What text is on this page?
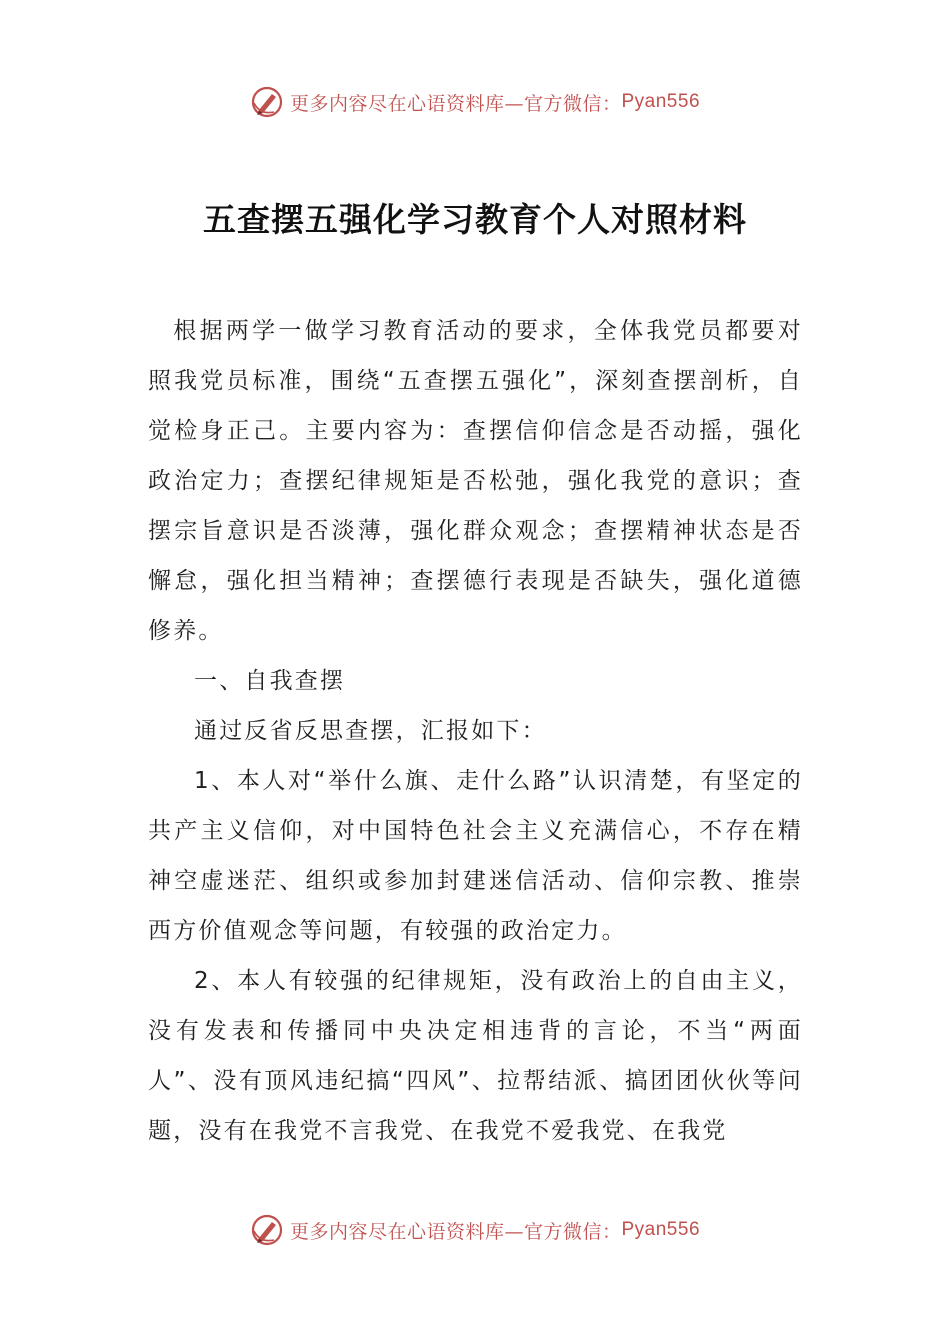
更多内容尽在心语资料库—官方微信： Pyan556
五查摆五强化学习教育个人对照材料

根据两学一做学习教育活动的要求，全体我党员都要对照我党员标准，围绕“五查摆五强化”，深刻查摆剖析，自觉检身正己。主要内容为：查摆信仰信念是否动摇，强化政治定力；查摆纪律规矩是否松弛，强化我党的意识；查摆宗旨意识是否淡薄，强化群众观念；查摆精神状态是否懈怠，强化担当精神；查摆德行表现是否缺失，强化道德修养。

一、自我查摆

通过反省反思查摆，汇报如下：

1、本人对“举什么旗、走什么路”认识清楚，有坚定的共产主义信仰，对中国特色社会主义充满信心，不存在精神空虚迷茫、组织或参加封建迷信活动、信仰宗教、推崇西方价值观念等问题，有较强的政治定力。

2、本人有较强的纪律规矩，没有政治上的自由主义，没有发表和传播同中央决定相违背的言论，不当“两面人”、没有顶风违纪搞“四风”、拉帮结派、搞团团伙伙等问题，没有在我党不言我党、在我党不爱我党、在我党

更多内容尽在心语资料库—官方微信： Pyan556
